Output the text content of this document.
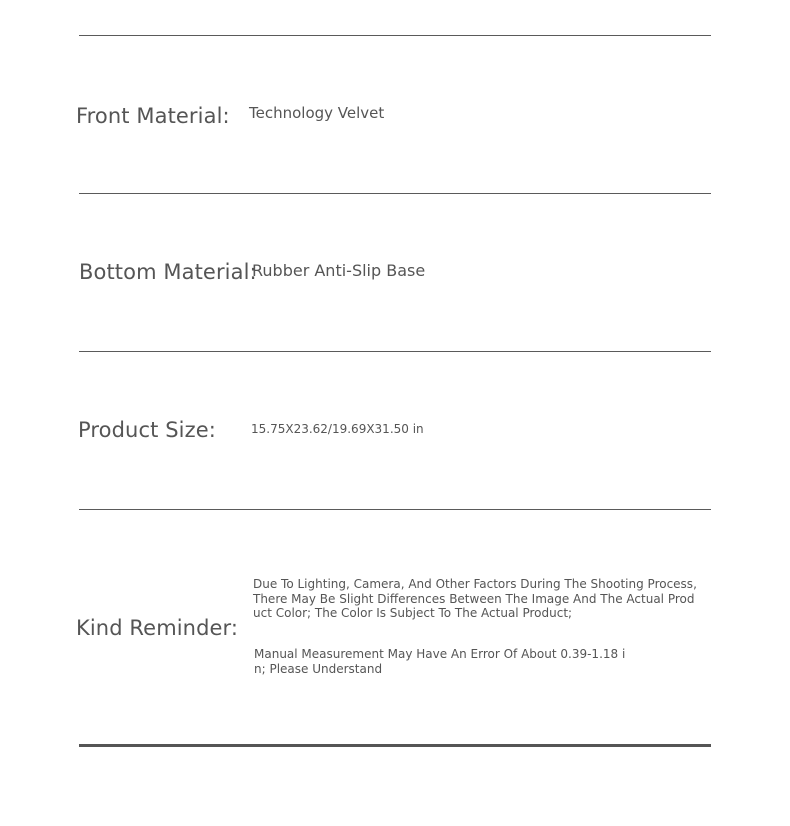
Front Material: Technology Velvet
Bottom Material:
Rubber Anti-Slip Base
Product Size:	15.75X23.62/19.69X31.50 in
Kind Reminder:
Due To Lighting, Camera, And Other Factors During The Shooting Process,
There May Be Slight Differences Between The Image And The Actual Prod
uct Color; The Color Is Subject To The Actual Product;
Manual Measurement May Have An Error Of About 0.39-1.18 i
n; Please Understand
